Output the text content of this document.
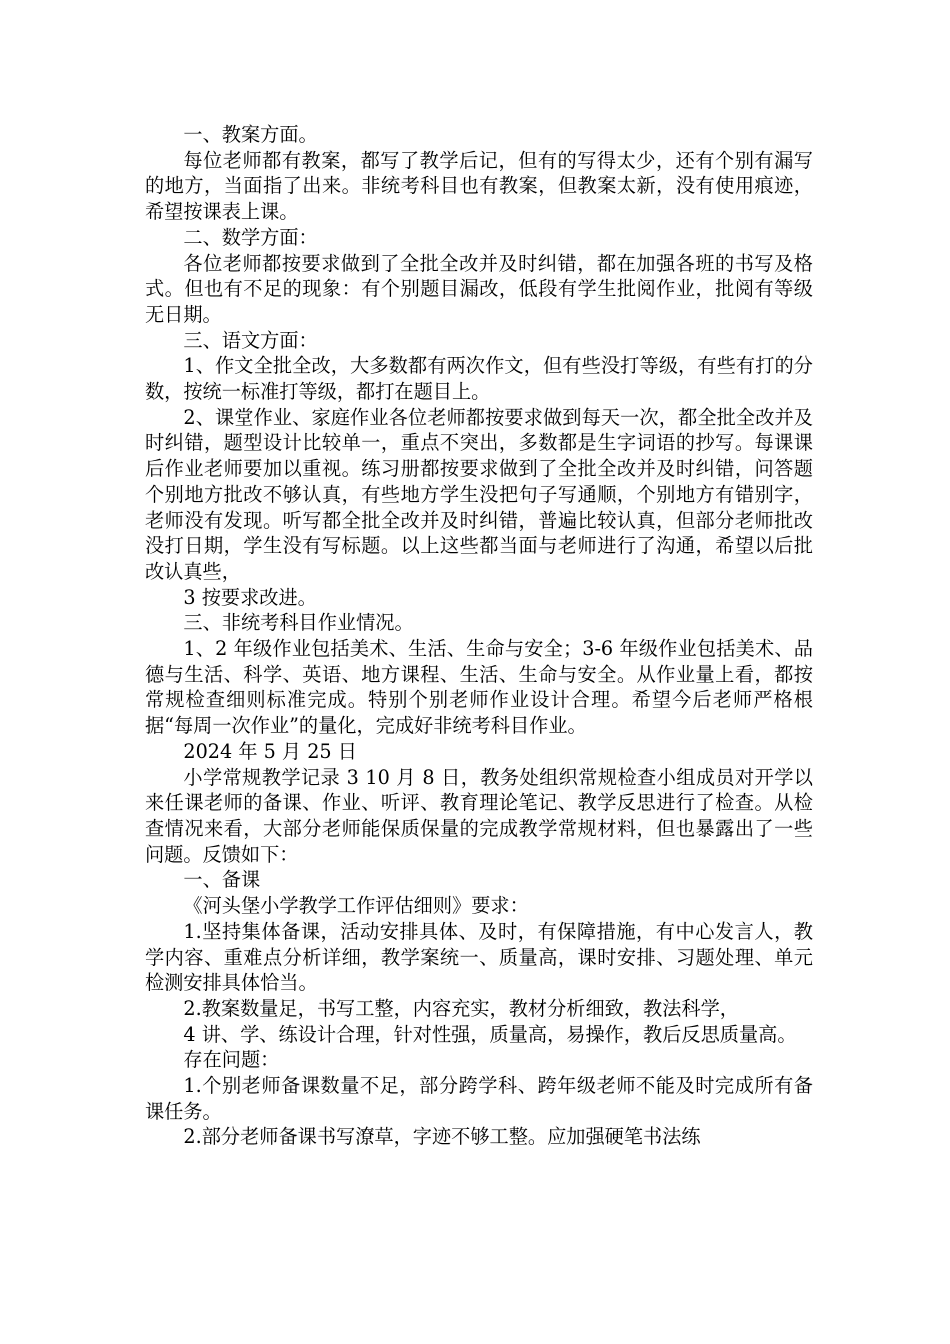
一、教案方面。

每位老师都有教案，都写了教学后记，但有的写得太少，还有个别有漏写的地方，当面指了出来。非统考科目也有教案，但教案太新，没有使用痕迹，希望按课表上课。

二、数学方面：

各位老师都按要求做到了全批全改并及时纠错，都在加强各班的书写及格式。但也有不足的现象：有个别题目漏改，低段有学生批阅作业，批阅有等级无日期。

三、语文方面：

1、作文全批全改，大多数都有两次作文，但有些没打等级，有些有打的分数，按统一标准打等级，都打在题目上。

2、课堂作业、家庭作业各位老师都按要求做到每天一次，都全批全改并及时纠错，题型设计比较单一，重点不突出，多数都是生字词语的抄写。每课课后作业老师要加以重视。练习册都按要求做到了全批全改并及时纠错，问答题个别地方批改不够认真，有些地方学生没把句子写通顺，个别地方有错别字，老师没有发现。听写都全批全改并及时纠错，普遍比较认真，但部分老师批改没打日期，学生没有写标题。以上这些都当面与老师进行了沟通，希望以后批改认真些，

3 按要求改进。

三、非统考科目作业情况。

1、2 年级作业包括美术、生活、生命与安全；3-6 年级作业包括美术、品德与生活、科学、英语、地方课程、生活、生命与安全。从作业量上看，都按常规检查细则标准完成。特别个别老师作业设计合理。希望今后老师严格根据“每周一次作业”的量化，完成好非统考科目作业。

2024 年 5 月 25 日

小学常规教学记录 3 10 月 8 日，教务处组织常规检查小组成员对开学以来任课老师的备课、作业、听评、教育理论笔记、教学反思进行了检查。从检查情况来看，大部分老师能保质保量的完成教学常规材料，但也暴露出了一些问题。反馈如下：

一、备课

《河头堡小学教学工作评估细则》要求：

1.坚持集体备课，活动安排具体、及时，有保障措施，有中心发言人，教学内容、重难点分析详细，教学案统一、质量高，课时安排、习题处理、单元检测安排具体恰当。

2.教案数量足，书写工整，内容充实，教材分析细致，教法科学，

4 讲、学、练设计合理，针对性强，质量高，易操作，教后反思质量高。

存在问题：

1.个别老师备课数量不足，部分跨学科、跨年级老师不能及时完成所有备课任务。

2.部分老师备课书写潦草，字迹不够工整。应加强硬笔书法练
